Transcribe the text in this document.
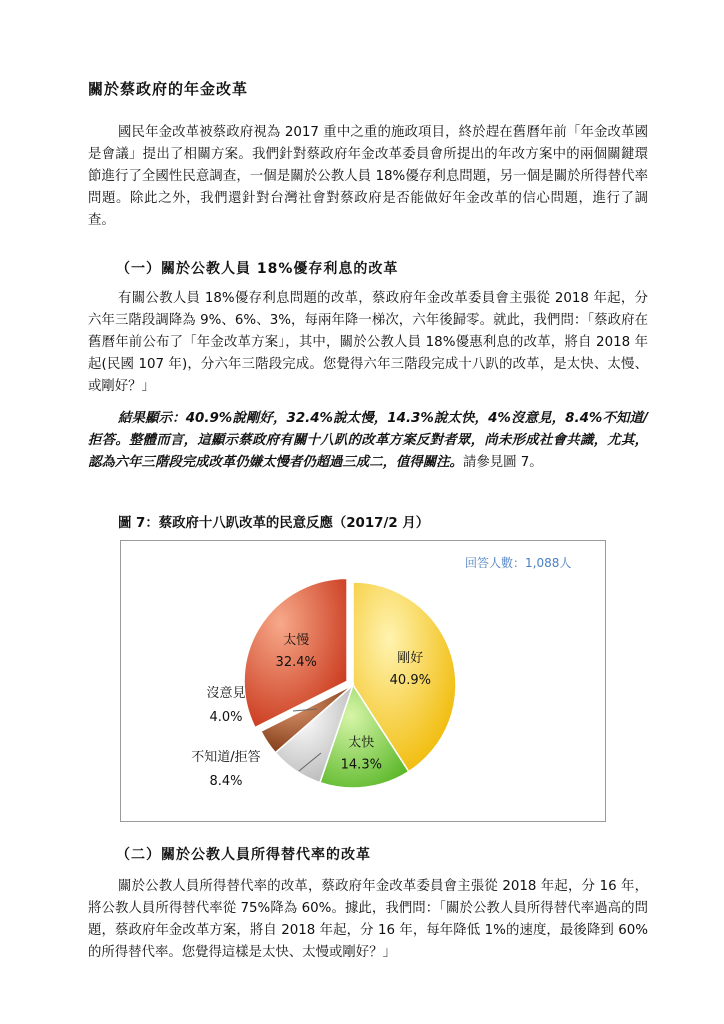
關於蔡政府的年金改革

國民年金改革被蔡政府視為 2017 重中之重的施政項目，終於趕在舊曆年前「年金改革國是會議」提出了相關方案。我們針對蔡政府年金改革委員會所提出的年改方案中的兩個關鍵環節進行了全國性民意調查，一個是關於公教人員 18%優存利息問題，另一個是關於所得替代率問題。除此之外，我們還針對台灣社會對蔡政府是否能做好年金改革的信心問題，進行了調查。

（一）關於公教人員 18%優存利息的改革

有關公教人員 18%優存利息問題的改革，蔡政府年金改革委員會主張從 2018 年起，分六年三階段調降為 9%、6%、3%，每兩年降一梯次，六年後歸零。就此，我們問：「蔡政府在舊曆年前公布了「年金改革方案」，其中，關於公教人員 18%優惠利息的改革，將自 2018 年起(民國 107 年)，分六年三階段完成。您覺得六年三階段完成十八趴的改革，是太快、太慢、或剛好？」

結果顯示：40.9%說剛好，32.4%說太慢，14.3%說太快，4%沒意見，8.4%不知道/拒答。整體而言，這顯示蔡政府有關十八趴的改革方案反對者眾，尚未形成社會共識，尤其，認為六年三階段完成改革仍嫌太慢者仍超過三成二，值得關注。請參見圖 7。

圖 7：蔡政府十八趴改革的民意反應（2017/2 月）
回答人數：1,088人
剛好
40.9%
太快
14.3%
不知道/拒答
8.4%
沒意見
4.0%
太慢
32.4%
（二）關於公教人員所得替代率的改革

關於公教人員所得替代率的改革，蔡政府年金改革委員會主張從 2018 年起，分 16 年，將公教人員所得替代率從 75%降為 60%。據此，我們問：「關於公教人員所得替代率過高的問題，蔡政府年金改革方案，將自 2018 年起，分 16 年，每年降低 1%的速度，最後降到 60%的所得替代率。您覺得這樣是太快、太慢或剛好？」
